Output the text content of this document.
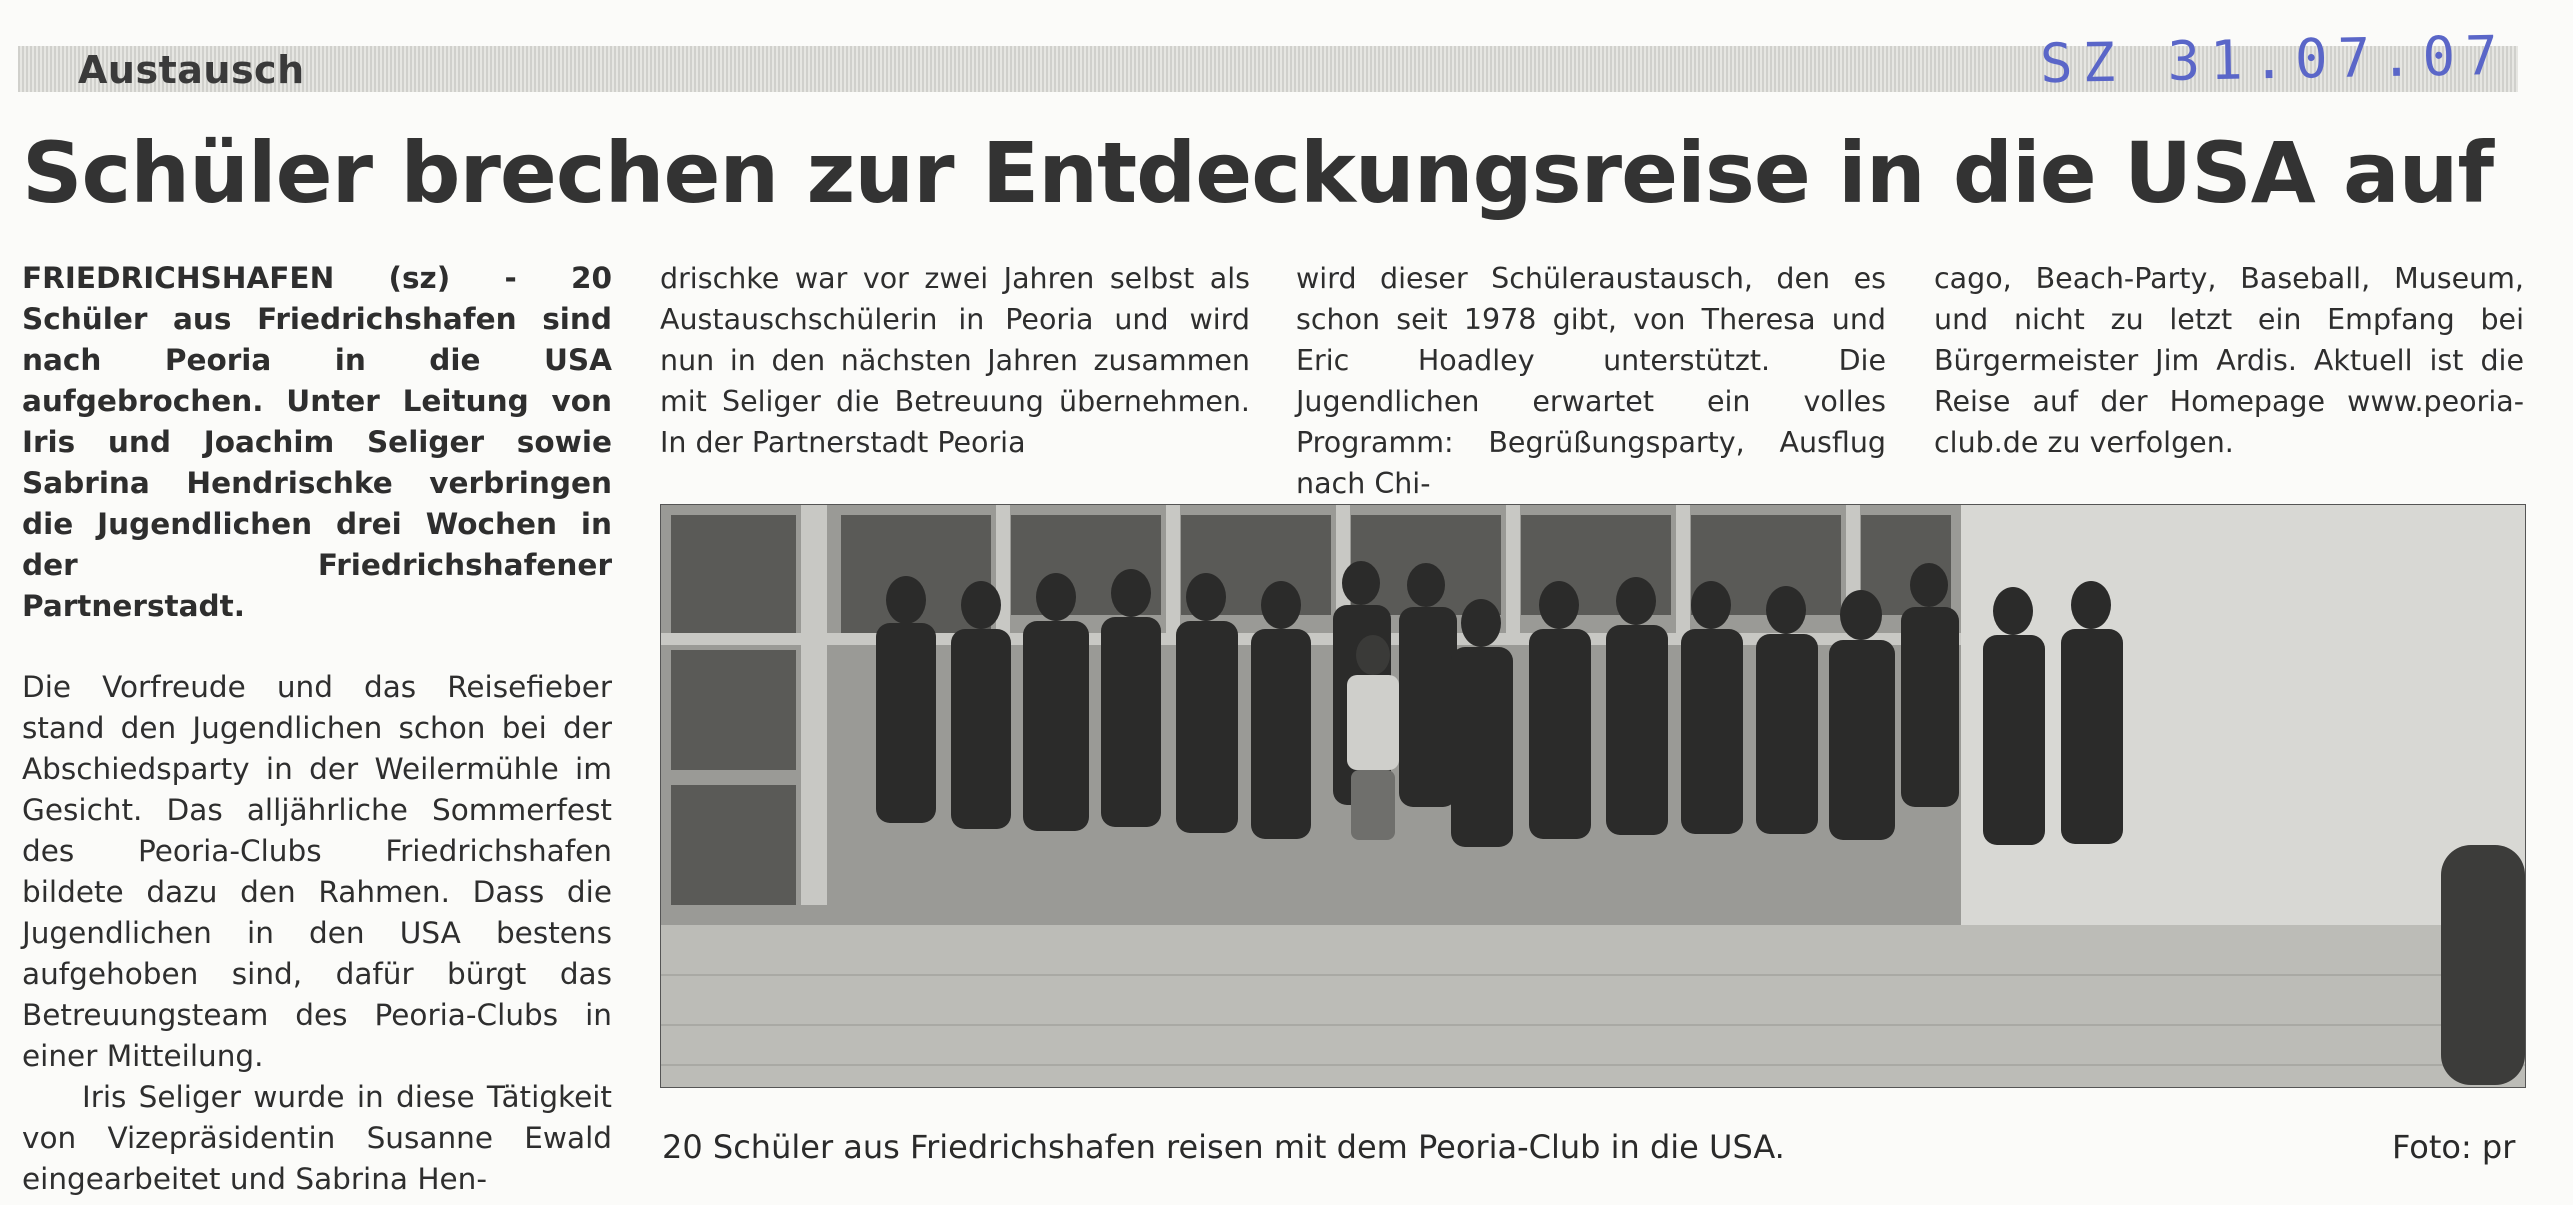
Austausch	SZ 31.07.07
Schüler brechen zur Entdeckungsreise in die USA auf

FRIEDRICHSHAFEN (sz) - 20 Schüler aus Friedrichshafen sind nach Peoria in die USA aufgebrochen. Unter Leitung von Iris und Joachim Seliger sowie Sabrina Hendrischke verbringen die Jugendlichen drei Wochen in der Friedrichshafener Partnerstadt.

Die Vorfreude und das Reisefieber stand den Jugendlichen schon bei der Abschiedsparty in der Weilermühle im Gesicht. Das alljährliche Sommerfest des Peoria-Clubs Friedrichshafen bildete dazu den Rahmen. Dass die Jugendlichen in den USA bestens aufgehoben sind, dafür bürgt das Betreuungsteam des Peoria-Clubs in einer Mitteilung.

Iris Seliger wurde in diese Tätigkeit von Vizepräsidentin Susanne Ewald eingearbeitet und Sabrina Hen-

drischke war vor zwei Jahren selbst als Austauschschülerin in Peoria und wird nun in den nächsten Jahren zusammen mit Seliger die Betreuung übernehmen. In der Partnerstadt Peoria

wird dieser Schüleraustausch, den es schon seit 1978 gibt, von Theresa und Eric Hoadley unterstützt. Die Jugendlichen erwartet ein volles Programm: Begrüßungsparty, Ausflug nach Chi-

cago, Beach-Party, Baseball, Museum, und nicht zu letzt ein Empfang bei Bürgermeister Jim Ardis. Aktuell ist die Reise auf der Homepage www.peoria-club.de zu verfolgen.

20 Schüler aus Friedrichshafen reisen mit dem Peoria-Club in die USA.	Foto: pr
